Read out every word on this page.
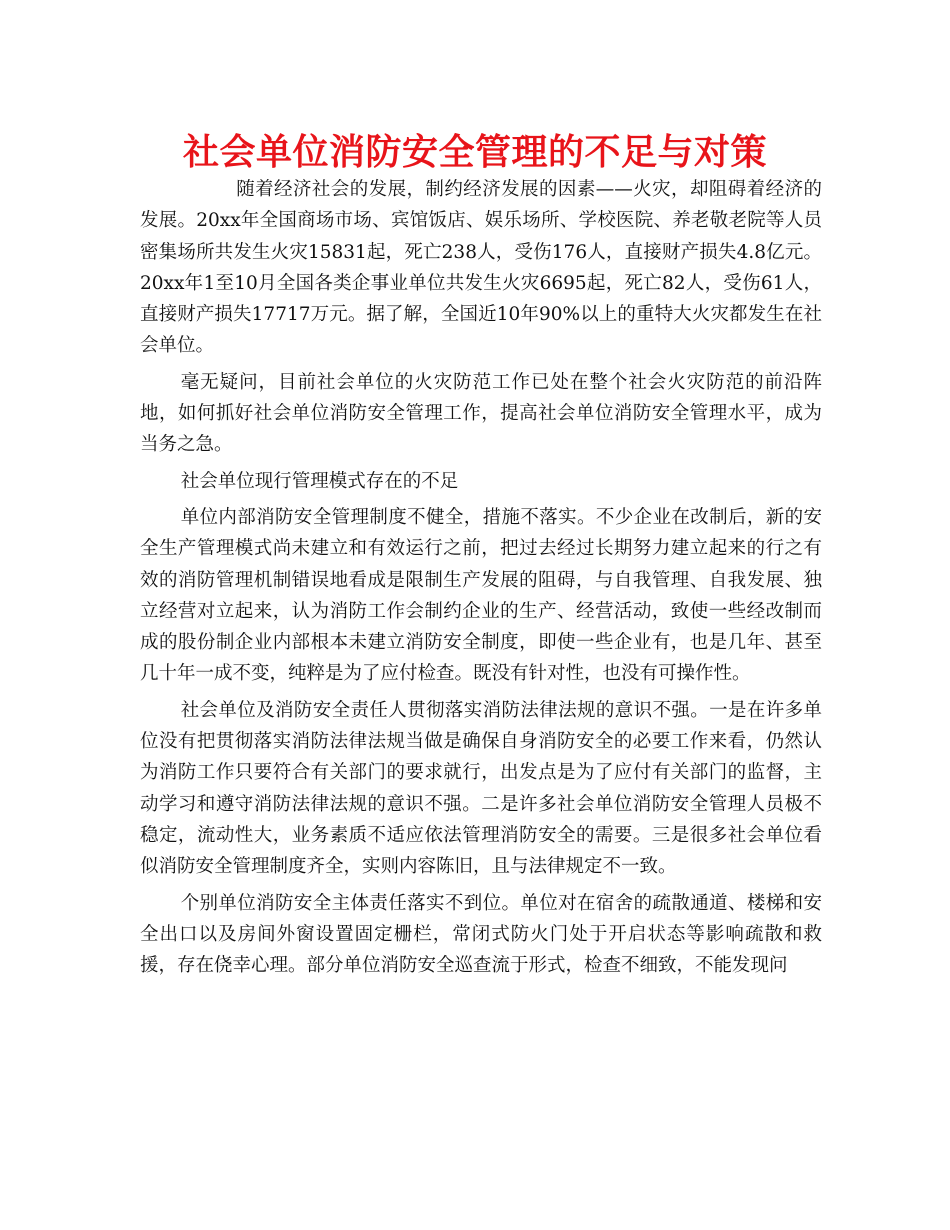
社会单位消防安全管理的不足与对策

随着经济社会的发展，制约经济发展的因素——火灾，却阻碍着经济的发展。20xx年全国商场市场、宾馆饭店、娱乐场所、学校医院、养老敬老院等人员密集场所共发生火灾15831起，死亡238人，受伤176人，直接财产损失4.8亿元。20xx年1至10月全国各类企事业单位共发生火灾6695起，死亡82人，受伤61人，直接财产损失17717万元。据了解，全国近10年90%以上的重特大火灾都发生在社会单位。

毫无疑问，目前社会单位的火灾防范工作已处在整个社会火灾防范的前沿阵地，如何抓好社会单位消防安全管理工作，提高社会单位消防安全管理水平，成为当务之急。

社会单位现行管理模式存在的不足

单位内部消防安全管理制度不健全，措施不落实。不少企业在改制后，新的安全生产管理模式尚未建立和有效运行之前，把过去经过长期努力建立起来的行之有效的消防管理机制错误地看成是限制生产发展的阻碍，与自我管理、自我发展、独立经营对立起来，认为消防工作会制约企业的生产、经营活动，致使一些经改制而成的股份制企业内部根本未建立消防安全制度，即使一些企业有，也是几年、甚至几十年一成不变，纯粹是为了应付检查。既没有针对性，也没有可操作性。

社会单位及消防安全责任人贯彻落实消防法律法规的意识不强。一是在许多单位没有把贯彻落实消防法律法规当做是确保自身消防安全的必要工作来看，仍然认为消防工作只要符合有关部门的要求就行，出发点是为了应付有关部门的监督，主动学习和遵守消防法律法规的意识不强。二是许多社会单位消防安全管理人员极不稳定，流动性大，业务素质不适应依法管理消防安全的需要。三是很多社会单位看似消防安全管理制度齐全，实则内容陈旧，且与法律规定不一致。

个别单位消防安全主体责任落实不到位。单位对在宿舍的疏散通道、楼梯和安全出口以及房间外窗设置固定栅栏，常闭式防火门处于开启状态等影响疏散和救援，存在侥幸心理。部分单位消防安全巡查流于形式，检查不细致，不能发现问
